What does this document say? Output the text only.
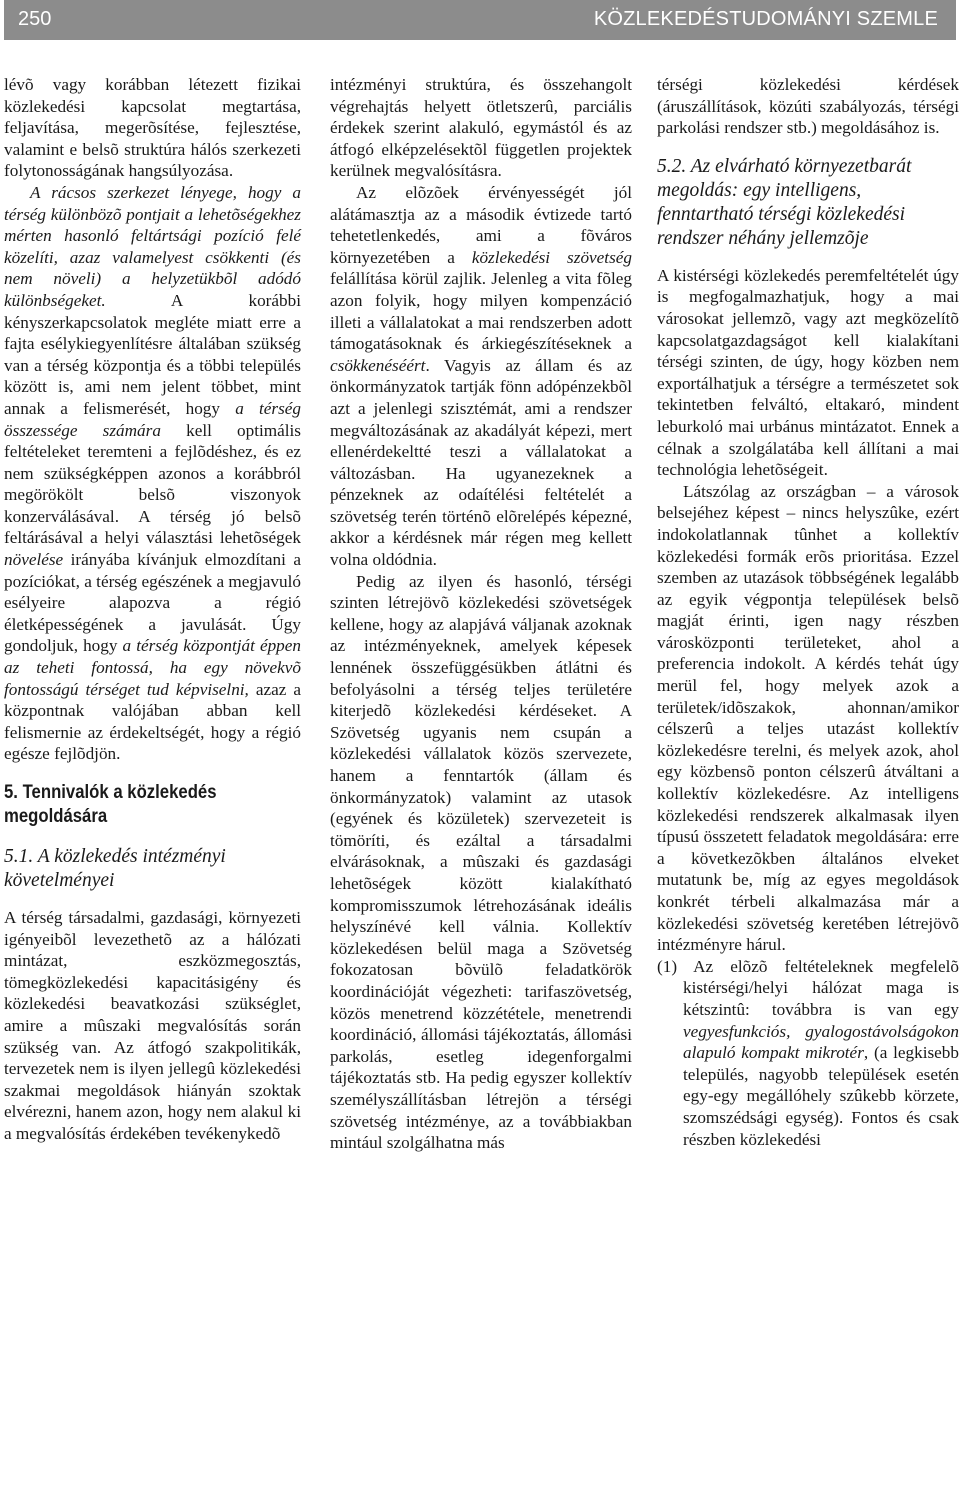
250	KÖZLEKEDÉSTUDOMÁNYI SZEMLE

lévõ vagy korábban létezett fizikai közlekedési kapcsolat megtartása, feljavítása, megerõsítése, fejlesztése, valamint e belsõ struktúra hálós szerkezeti folytonosságának hangsúlyozása.

A rácsos szerkezet lényege, hogy a térség különbözõ pontjait a lehetõségekhez mérten hasonló feltártsági pozíció felé közelíti, azaz valamelyest csökkenti (és nem növeli) a helyzetükbõl adódó különbségeket. A korábbi kényszerkapcsolatok megléte miatt erre a fajta esélykiegyenlítésre általában szükség van a térség központja és a többi település között is, ami nem jelent többet, mint annak a felismerését, hogy a térség összessége számára kell optimális feltételeket teremteni a fejlõdéshez, és ez nem szükségképpen azonos a korábbról megörökölt belsõ viszonyok konzerválásával. A térség jó belsõ feltárásával a helyi választási lehetõségek növelése irányába kívánjuk elmozdítani a pozíciókat, a térség egészének a megjavuló esélyeire alapozva a régió életképességének a javulását. Úgy gondoljuk, hogy a térség központját éppen az teheti fontossá, ha egy növekvõ fontosságú térséget tud képviselni, azaz a központnak valójában abban kell felismernie az érdekeltségét, hogy a régió egésze fejlõdjön.

5. Tennivalók a közlekedés megoldására
5.1. A közlekedés intézményi követelményei

A térség társadalmi, gazdasági, környezeti igényeibõl levezethetõ az a hálózati mintázat, eszközmegosztás, tömegközlekedési kapacitásigény és közlekedési beavatkozási szükséglet, amire a mûszaki megvalósítás során szükség van. Az átfogó szakpolitikák, tervezetek nem is ilyen jellegû közlekedési szakmai megoldások hiányán szoktak elvérezni, hanem azon, hogy nem alakul ki a megvalósítás érdekében tevékenykedõ

intézményi struktúra, és összehangolt végrehajtás helyett ötletszerû, parciális érdekek szerint alakuló, egymástól és az átfogó elképzelésektõl független projektek kerülnek megvalósításra.

Az elõzõek érvényességét jól alátámasztja az a második évtizede tartó tehetetlenkedés, ami a fõváros környezetében a közlekedési szövetség felállítása körül zajlik. Jelenleg a vita fõleg azon folyik, hogy milyen kompenzáció illeti a vállalatokat a mai rendszerben adott támogatásoknak és árkiegészítéseknek a csökkenéséért. Vagyis az állam és az önkormányzatok tartják fönn adópénzekbõl azt a jelenlegi szisztémát, ami a rendszer megváltozásának az akadályát képezi, mert ellenérdekeltté teszi a vállalatokat a változásban. Ha ugyanezeknek a pénzeknek az odaítélési feltételét a szövetség terén történõ elõrelépés képezné, akkor a kérdésnek már régen meg kellett volna oldódnia.

Pedig az ilyen és hasonló, térségi szinten létrejövõ közlekedési szövetségek kellene, hogy az alapjává váljanak azoknak az intézményeknek, amelyek képesek lennének összefüggésükben átlátni és befolyásolni a térség teljes területére kiterjedõ közlekedési kérdéseket. A Szövetség ugyanis nem csupán a közlekedési vállalatok közös szervezete, hanem a fenntartók (állam és önkormányzatok) valamint az utasok (egyének és közületek) szervezeteit is tömöríti, és ezáltal a társadalmi elvárásoknak, a mûszaki és gazdasági lehetõségek között kialakítható kompromisszumok létrehozásának ideális helyszínévé kell válnia. Kollektív közlekedésen belül maga a Szövetség fokozatosan bõvülõ feladatkörök koordinációját végezheti: tarifaszövetség, közös menetrend közzététele, menetrendi koordináció, állomási tájékoztatás, állomási parkolás, esetleg idegenforgalmi tájékoztatás stb. Ha pedig egyszer kollektív személyszállításban létrejön a térségi szövetség intézménye, az a továbbiakban mintául szolgálhatna más

térségi közlekedési kérdések (áruszállítások, közúti szabályozás, térségi parkolási rendszer stb.) megoldásához is.

5.2. Az elvárható környezetbarát megoldás: egy intelligens, fenntartható térségi közlekedési rendszer néhány jellemzõje

A kistérségi közlekedés peremfeltételét úgy is megfogalmazhatjuk, hogy a mai városokat jellemzõ, vagy azt megközelítõ kapcsolatgazdagságot kell kialakítani térségi szinten, de úgy, hogy közben nem exportálhatjuk a térségre a természetet sok tekintetben felváltó, eltakaró, mindent leburkoló mai urbánus mintázatot. Ennek a célnak a szolgálatába kell állítani a mai technológia lehetõségeit.

Látszólag az országban – a városok belsejéhez képest – nincs helyszûke, ezért indokolatlannak tûnhet a kollektív közlekedési formák erõs prioritása. Ezzel szemben az utazások többségének legalább az egyik végpontja települések belsõ magját érinti, igen nagy részben városközponti területeket, ahol a preferencia indokolt. A kérdés tehát úgy merül fel, hogy melyek azok a területek/idõszakok, ahonnan/amikor célszerû a teljes utazást kollektív közlekedésre terelni, és melyek azok, ahol egy közbensõ ponton célszerû átváltani a kollektív közlekedésre. Az intelligens közlekedési rendszerek alkalmasak ilyen típusú összetett feladatok megoldására: erre a következõkben általános elveket mutatunk be, míg az egyes megoldások konkrét térbeli alkalmazása már a közlekedési szövetség keretében létrejövõ intézményre hárul.

(1) Az elõzõ feltételeknek megfelelõ kistérségi/helyi hálózat maga is kétszintû: továbbra is van egy vegyesfunkciós, gyalogostávolságokon alapuló kompakt mikrotér, (a legkisebb település, nagyobb települések esetén egy-egy megállóhely szûkebb körzete, szomszédsági egység). Fontos és csak részben közlekedési
